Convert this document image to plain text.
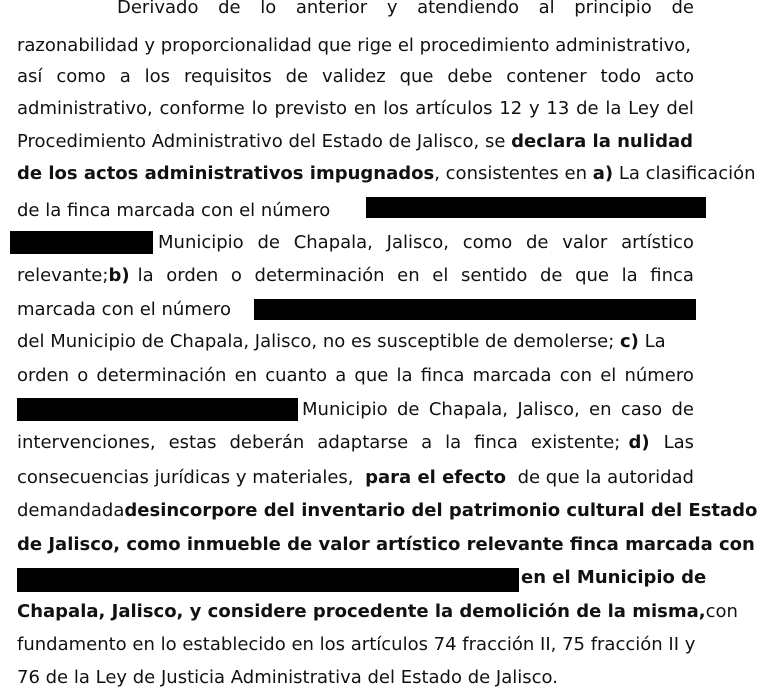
Derivado de lo anterior y atendiendo al principio de
razonabilidad y proporcionalidad que rige el procedimiento administrativo,
así como a los requisitos de validez que debe contener todo acto
administrativo, conforme lo previsto en los artículos 12 y 13 de la Ley del
Procedimiento Administrativo del Estado de Jalisco, se declara la nulidad
de los actos administrativos impugnados, consistentes en a) La clasificación
de la finca marcada con el número
Municipio de Chapala, Jalisco, como de valor artístico
relevante; b) la orden o determinación en el sentido de que la finca
marcada con el número
del Municipio de Chapala, Jalisco, no es susceptible de demolerse; c) La
orden o determinación en cuanto a que la finca marcada con el número
Municipio de Chapala, Jalisco, en caso de
intervenciones, estas deberán adaptarse a la finca existente; d) Las
consecuencias jurídicas y materiales, para el efecto de que la autoridad
demandada desincorpore del inventario del patrimonio cultural del Estado
de Jalisco, como inmueble de valor artístico relevante finca marcada con
en el Municipio de
Chapala, Jalisco, y considere procedente la demolición de la misma, con
fundamento en lo establecido en los artículos 74 fracción II, 75 fracción II y
76 de la Ley de Justicia Administrativa del Estado de Jalisco.
